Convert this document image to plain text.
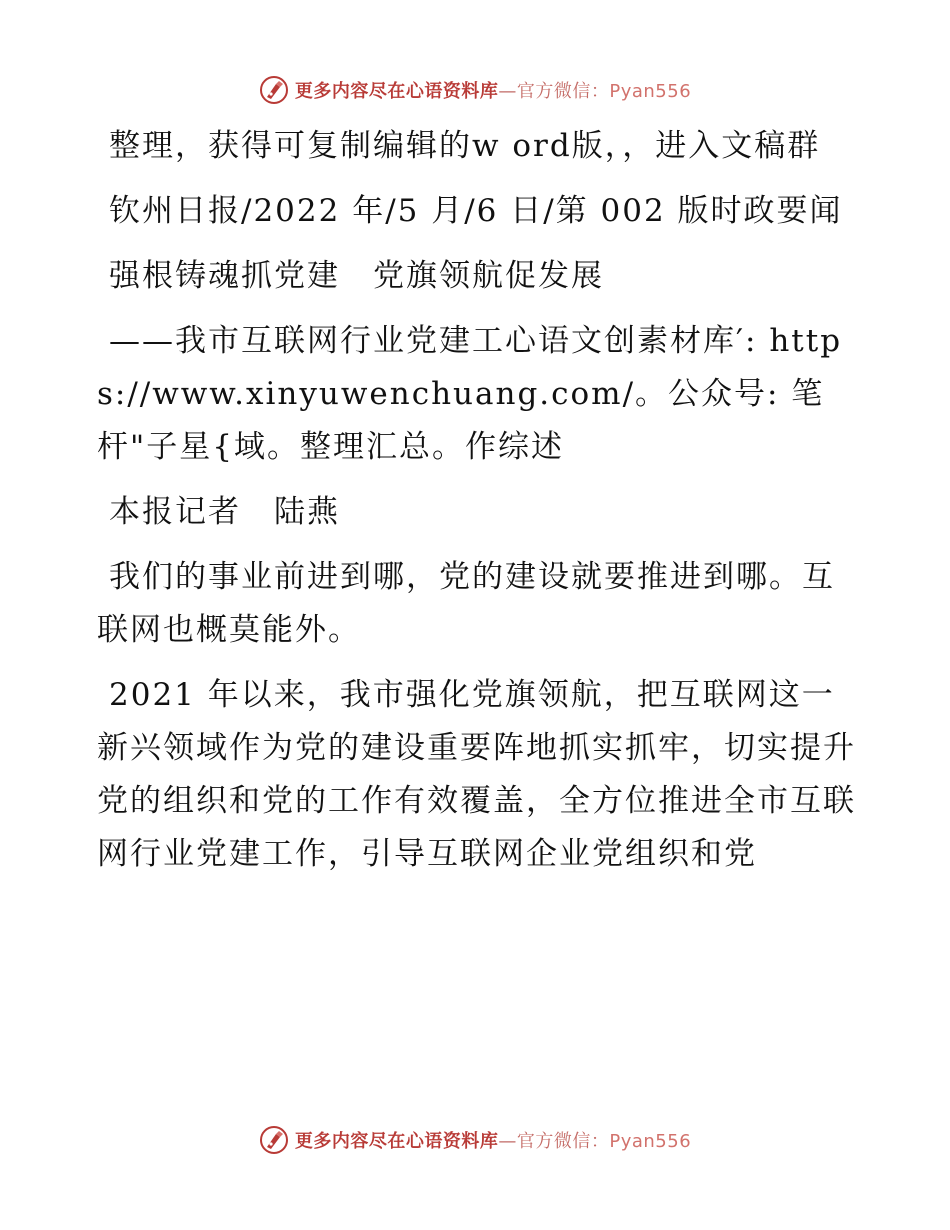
更多内容尽在心语资料库—官方微信：Pyan556

整理，获得可复制编辑的w ord版，，进入文稿群

钦州日报/2022 年/5 月/6 日/第 002 版时政要闻

强根铸魂抓党建　党旗领航促发展

——我市互联网行业党建工心语文创素材库′: https://www.xinyuwenchuang.com/。公众号: 笔杆"子星{域。整理汇总。作综述

本报记者　陆燕

我们的事业前进到哪，党的建设就要推进到哪。互联网也概莫能外。

2021 年以来，我市强化党旗领航，把互联网这一新兴领域作为党的建设重要阵地抓实抓牢，切实提升党的组织和党的工作有效覆盖，全方位推进全市互联网行业党建工作，引导互联网企业党组织和党

更多内容尽在心语资料库—官方微信：Pyan556
